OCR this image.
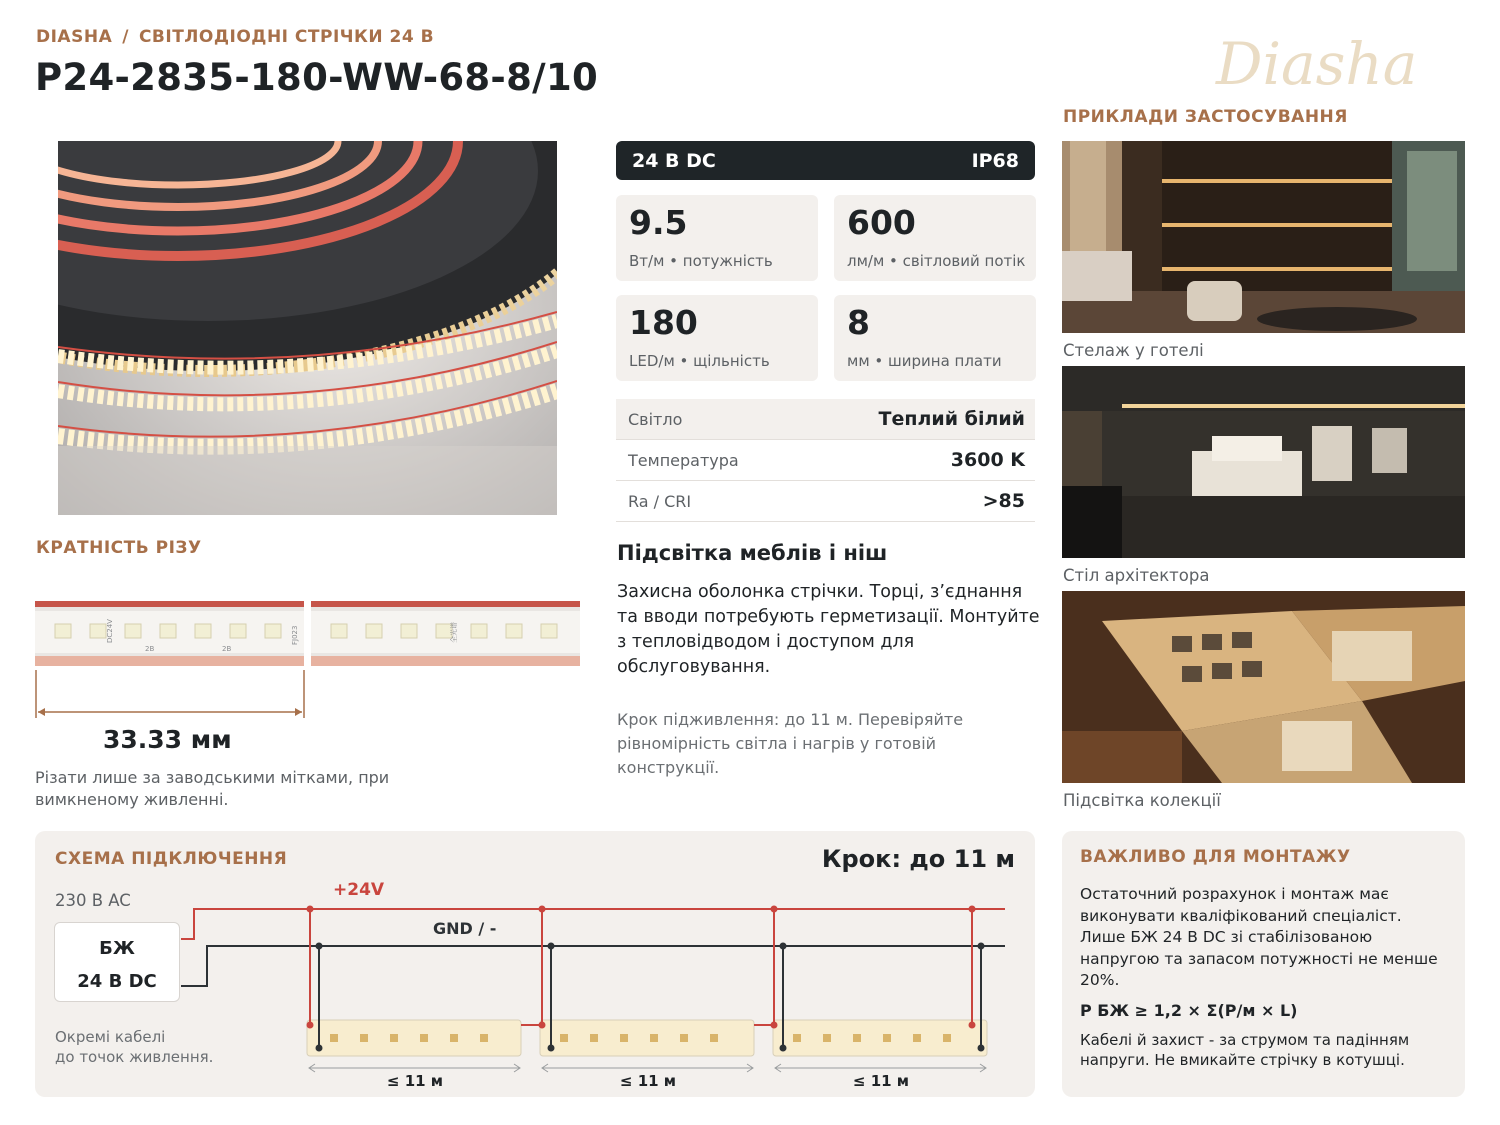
DIASHA / СВІТЛОДІОДНІ СТРІЧКИ 24 В
P24-2835-180-WW-68-8/10	Diasha
24 В DC	IP68
9.5
Вт/м • потужність
600
лм/м • світловий потік
180
LED/м • щільність
8
мм • ширина плати
Світло	Теплий білий
Температура	3600 K
Ra / CRI	>85
Підсвітка меблів і ніш
Захисна оболонка стрічки. Торці, з’єднання та вводи потребують герметизації. Монтуйте з тепловідводом і доступом для обслуговування.
Крок підживлення: до 11 м. Перевіряйте рівномірність світла і нагрів у готовій конструкції.
КРАТНІСТЬ РІЗУ
2B	2B
DC24V	FJ023	全光谱
33.33 мм
Різати лише за заводськими мітками, при вимкненому живленні.
ПРИКЛАДИ ЗАСТОСУВАННЯ
Стелаж у готелі
Стіл архітектора
Підсвітка колекції
СХЕМА ПІДКЛЮЧЕННЯ	Крок: до 11 м
230 В AC
БЖ
24 В DC
+24V
GND / -
Окремі кабелі
до точок живлення.
≤ 11 м	≤ 11 м	≤ 11 м
ВАЖЛИВО ДЛЯ МОНТАЖУ
Остаточний розрахунок і монтаж має виконувати кваліфікований спеціаліст. Лише БЖ 24 В DC зі стабілізованою напругою та запасом потужності не менше 20%.
P БЖ ≥ 1,2 × Σ(P/м × L)
Кабелі й захист - за струмом та падінням напруги. Не вмикайте стрічку в котушці.
